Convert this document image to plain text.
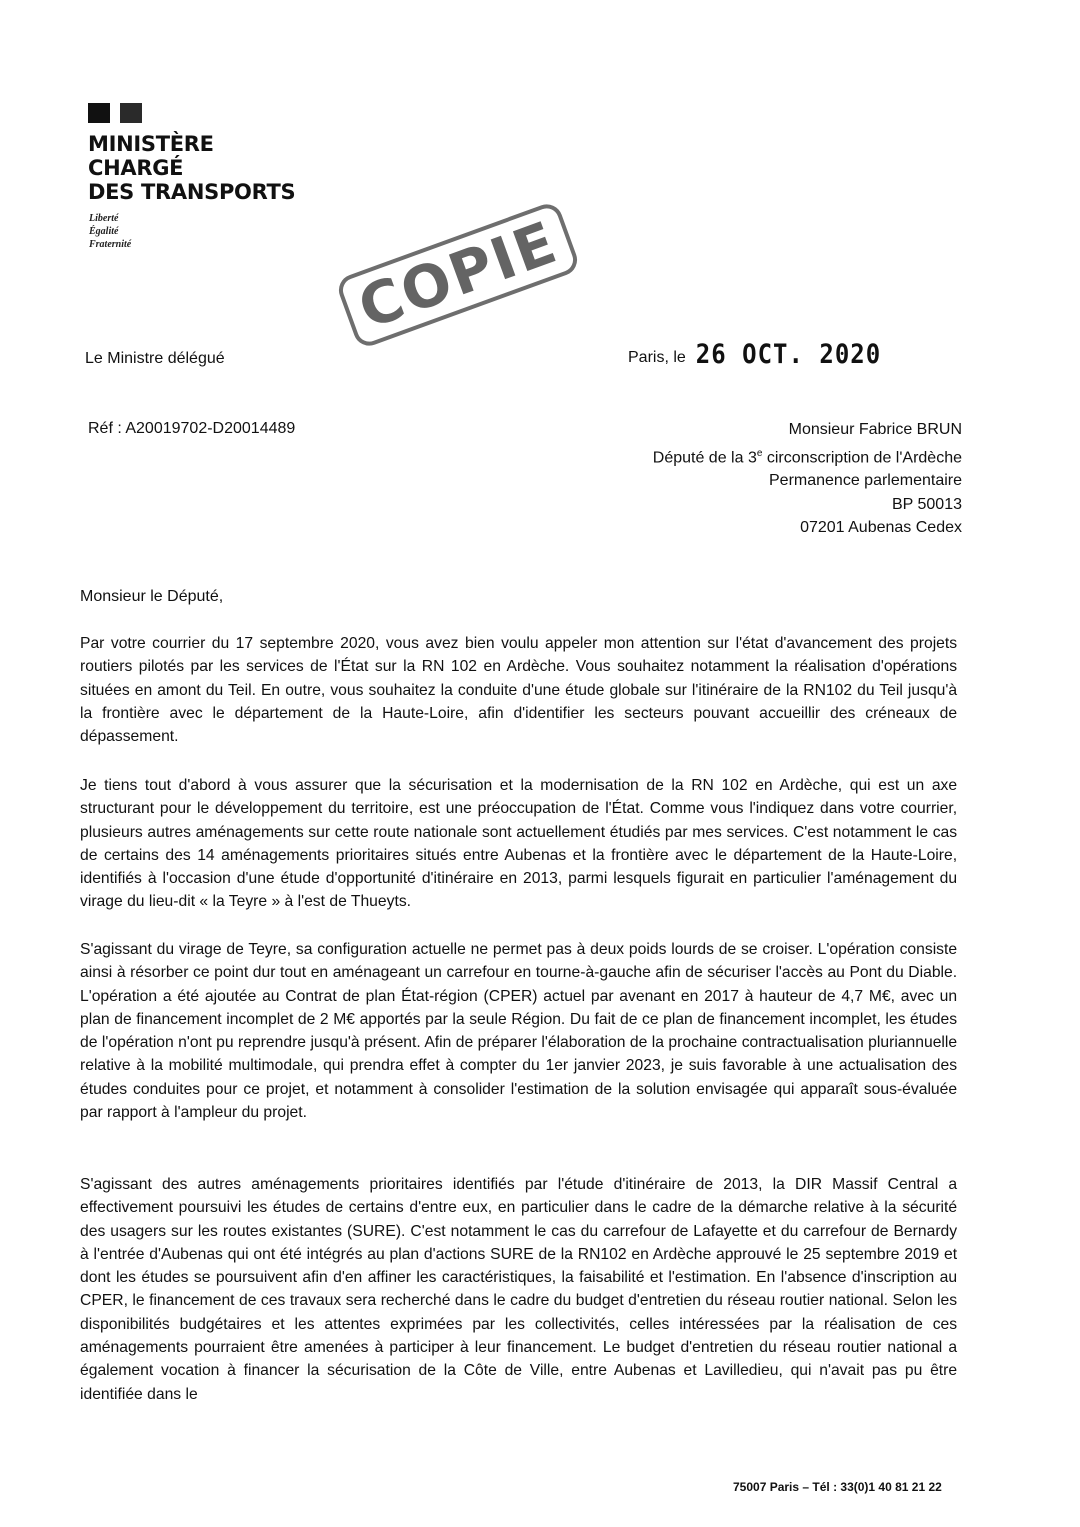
MINISTÈRE
CHARGÉ
DES TRANSPORTS
Liberté
Égalité
Fraternité	COPIE
Le Ministre délégué	Paris, le 26 OCT. 2020
Réf : A20019702-D20014489	Monsieur Fabrice BRUN
Député de la 3e circonscription de l'Ardèche
Permanence parlementaire
BP 50013
07201 Aubenas Cedex
Monsieur le Député,
Par votre courrier du 17 septembre 2020, vous avez bien voulu appeler mon attention sur l'état d'avancement des projets routiers pilotés par les services de l'État sur la RN 102 en Ardèche. Vous souhaitez notamment la réalisation d'opérations situées en amont du Teil. En outre, vous souhaitez la conduite d'une étude globale sur l'itinéraire de la RN102 du Teil jusqu'à la frontière avec le département de la Haute-Loire, afin d'identifier les secteurs pouvant accueillir des créneaux de dépassement.
Je tiens tout d'abord à vous assurer que la sécurisation et la modernisation de la RN 102 en Ardèche, qui est un axe structurant pour le développement du territoire, est une préoccupation de l'État. Comme vous l'indiquez dans votre courrier, plusieurs autres aménagements sur cette route nationale sont actuellement étudiés par mes services. C'est notamment le cas de certains des 14 aménagements prioritaires situés entre Aubenas et la frontière avec le département de la Haute-Loire, identifiés à l'occasion d'une étude d'opportunité d'itinéraire en 2013, parmi lesquels figurait en particulier l'aménagement du virage du lieu-dit « la Teyre » à l'est de Thueyts.
S'agissant du virage de Teyre, sa configuration actuelle ne permet pas à deux poids lourds de se croiser. L'opération consiste ainsi à résorber ce point dur tout en aménageant un carrefour en tourne-à-gauche afin de sécuriser l'accès au Pont du Diable. L'opération a été ajoutée au Contrat de plan État-région (CPER) actuel par avenant en 2017 à hauteur de 4,7 M€, avec un plan de financement incomplet de 2 M€ apportés par la seule Région. Du fait de ce plan de financement incomplet, les études de l'opération n'ont pu reprendre jusqu'à présent. Afin de préparer l'élaboration de la prochaine contractualisation pluriannuelle relative à la mobilité multimodale, qui prendra effet à compter du 1er janvier 2023, je suis favorable à une actualisation des études conduites pour ce projet, et notamment à consolider l'estimation de la solution envisagée qui apparaît sous-évaluée par rapport à l'ampleur du projet.
S'agissant des autres aménagements prioritaires identifiés par l'étude d'itinéraire de 2013, la DIR Massif Central a effectivement poursuivi les études de certains d'entre eux, en particulier dans le cadre de la démarche relative à la sécurité des usagers sur les routes existantes (SURE). C'est notamment le cas du carrefour de Lafayette et du carrefour de Bernardy à l'entrée d'Aubenas qui ont été intégrés au plan d'actions SURE de la RN102 en Ardèche approuvé le 25 septembre 2019 et dont les études se poursuivent afin d'en affiner les caractéristiques, la faisabilité et l'estimation. En l'absence d'inscription au CPER, le financement de ces travaux sera recherché dans le cadre du budget d'entretien du réseau routier national. Selon les disponibilités budgétaires et les attentes exprimées par les collectivités, celles intéressées par la réalisation de ces aménagements pourraient être amenées à participer à leur financement. Le budget d'entretien du réseau routier national a également vocation à financer la sécurisation de la Côte de Ville, entre Aubenas et Lavilledieu, qui n'avait pas pu être identifiée dans le
75007 Paris – Tél : 33(0)1 40 81 21 22
